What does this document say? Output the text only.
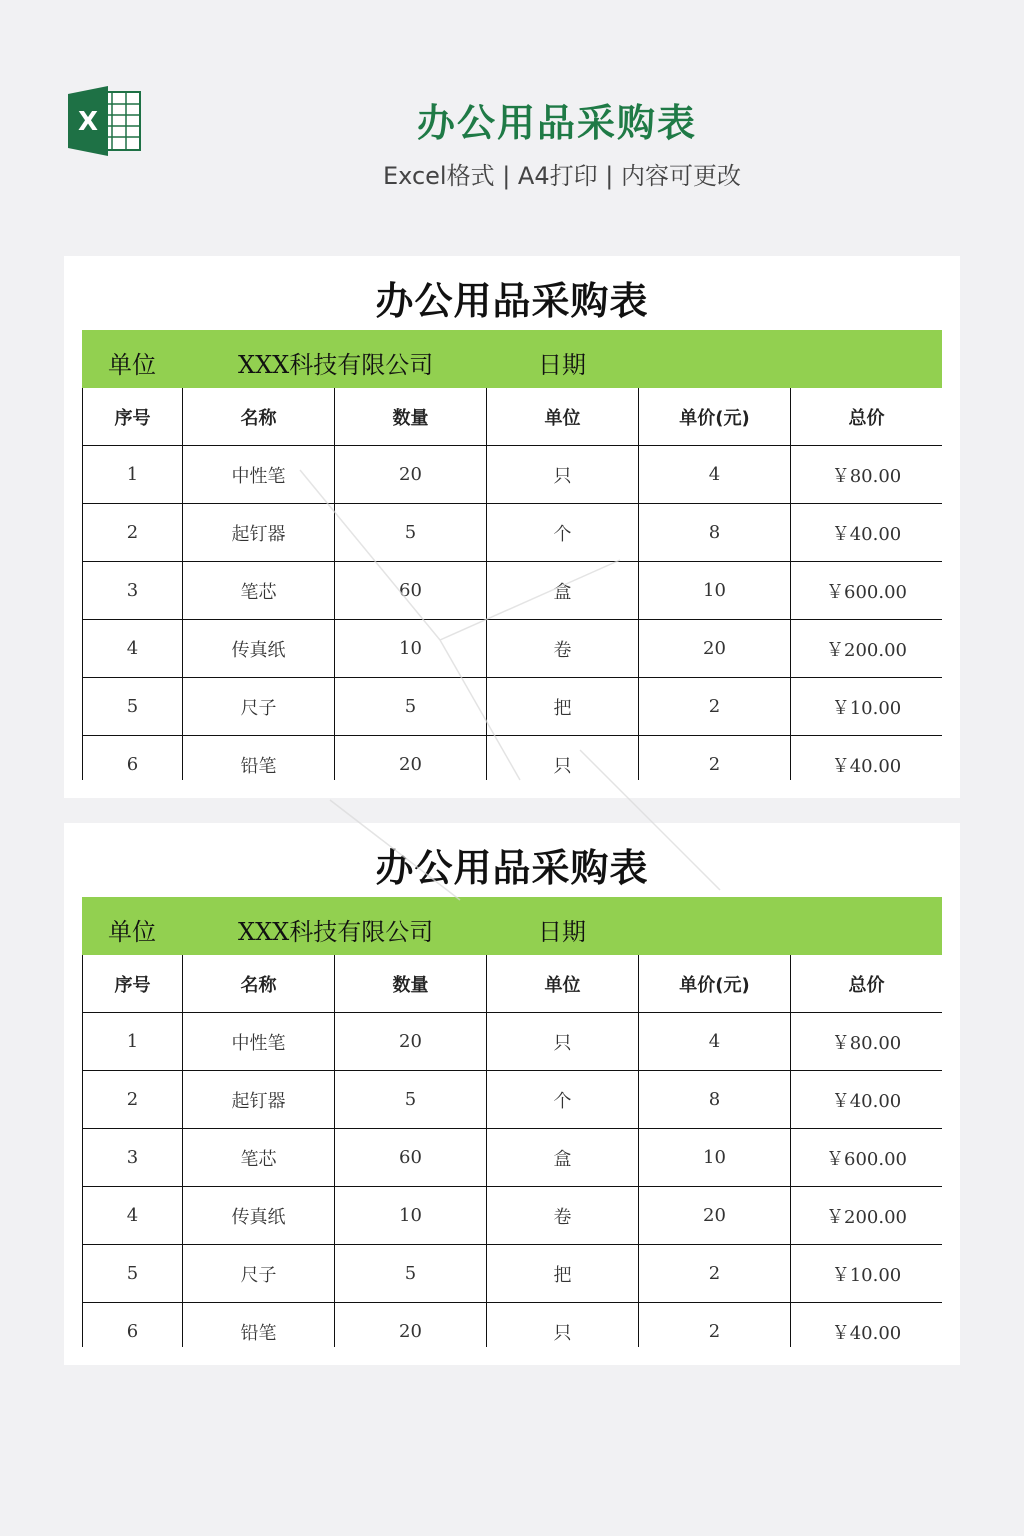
X	办公用品采购表
Excel格式 | A4打印 | 内容可更改
办公用品采购表
单位	XXX科技有限公司	日期
序号	名称	数量	单位	单价(元)	总价
1	中性笔	20	只	4	￥80.00
2	起钉器	5	个	8	￥40.00
3	笔芯	60	盒	10	￥600.00
4	传真纸	10	卷	20	￥200.00
5	尺子	5	把	2	￥10.00
6	铅笔	20	只	2	￥40.00
办公用品采购表
单位	XXX科技有限公司	日期
序号	名称	数量	单位	单价(元)	总价
1	中性笔	20	只	4	￥80.00
2	起钉器	5	个	8	￥40.00
3	笔芯	60	盒	10	￥600.00
4	传真纸	10	卷	20	￥200.00
5	尺子	5	把	2	￥10.00
6	铅笔	20	只	2	￥40.00
